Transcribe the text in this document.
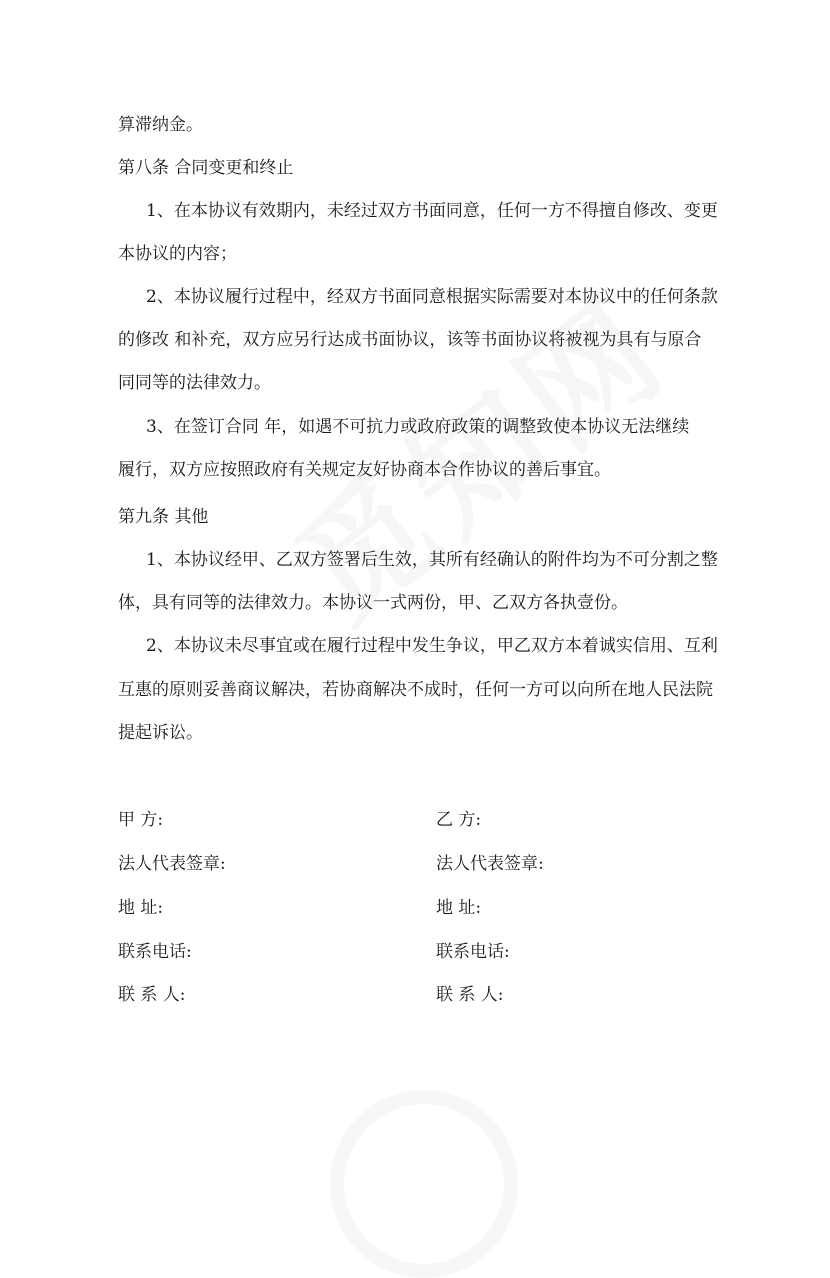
算滞纳金。

第八条 合同变更和终止

1、在本协议有效期内，未经过双方书面同意，任何一方不得擅自修改、变更

本协议的内容；

2、本协议履行过程中，经双方书面同意根据实际需要对本协议中的任何条款

的修改 和补充，双方应另行达成书面协议，该等书面协议将被视为具有与原合

同同等的法律效力。

3、在签订合同 年，如遇不可抗力或政府政策的调整致使本协议无法继续

履行，双方应按照政府有关规定友好协商本合作协议的善后事宜。

第九条 其他

1、本协议经甲、乙双方签署后生效，其所有经确认的附件均为不可分割之整

体，具有同等的法律效力。本协议一式两份，甲、乙双方各执壹份。

2、本协议未尽事宜或在履行过程中发生争议，甲乙双方本着诚实信用、互利

互惠的原则妥善商议解决，若协商解决不成时，任何一方可以向所在地人民法院

提起诉讼。

甲 方:

法人代表签章:

地 址:

联系电话:

联 系 人:

乙 方:

法人代表签章:

地 址:

联系电话:

联 系 人:
